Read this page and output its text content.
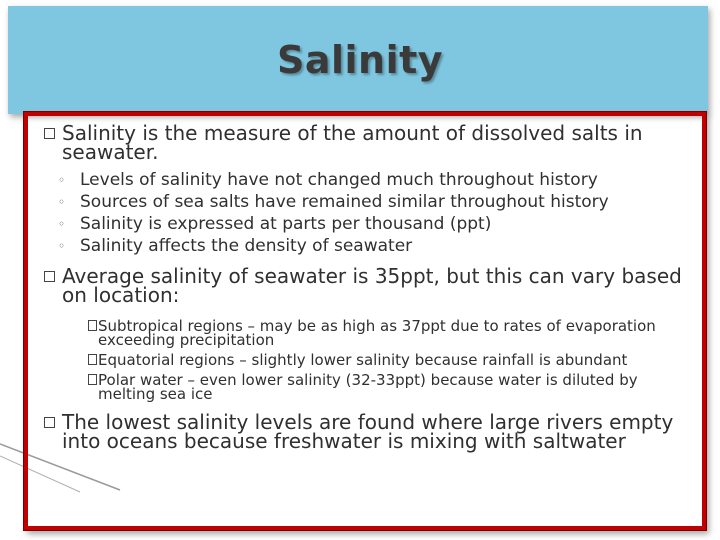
Salinity
Salinity is the measure of the amount of dissolved salts in seawater.
◦ Levels of salinity have not changed much throughout history
◦ Sources of sea salts have remained similar throughout history
◦ Salinity is expressed at parts per thousand (ppt)
◦ Salinity affects the density of seawater
Average salinity of seawater is 35ppt, but this can vary based on location:
Subtropical regions – may be as high as 37ppt due to rates of evaporation exceeding precipitation
Equatorial regions – slightly lower salinity because rainfall is abundant
Polar water – even lower salinity (32-33ppt) because water is diluted by melting sea ice
The lowest salinity levels are found where large rivers empty into oceans because freshwater is mixing with saltwater
